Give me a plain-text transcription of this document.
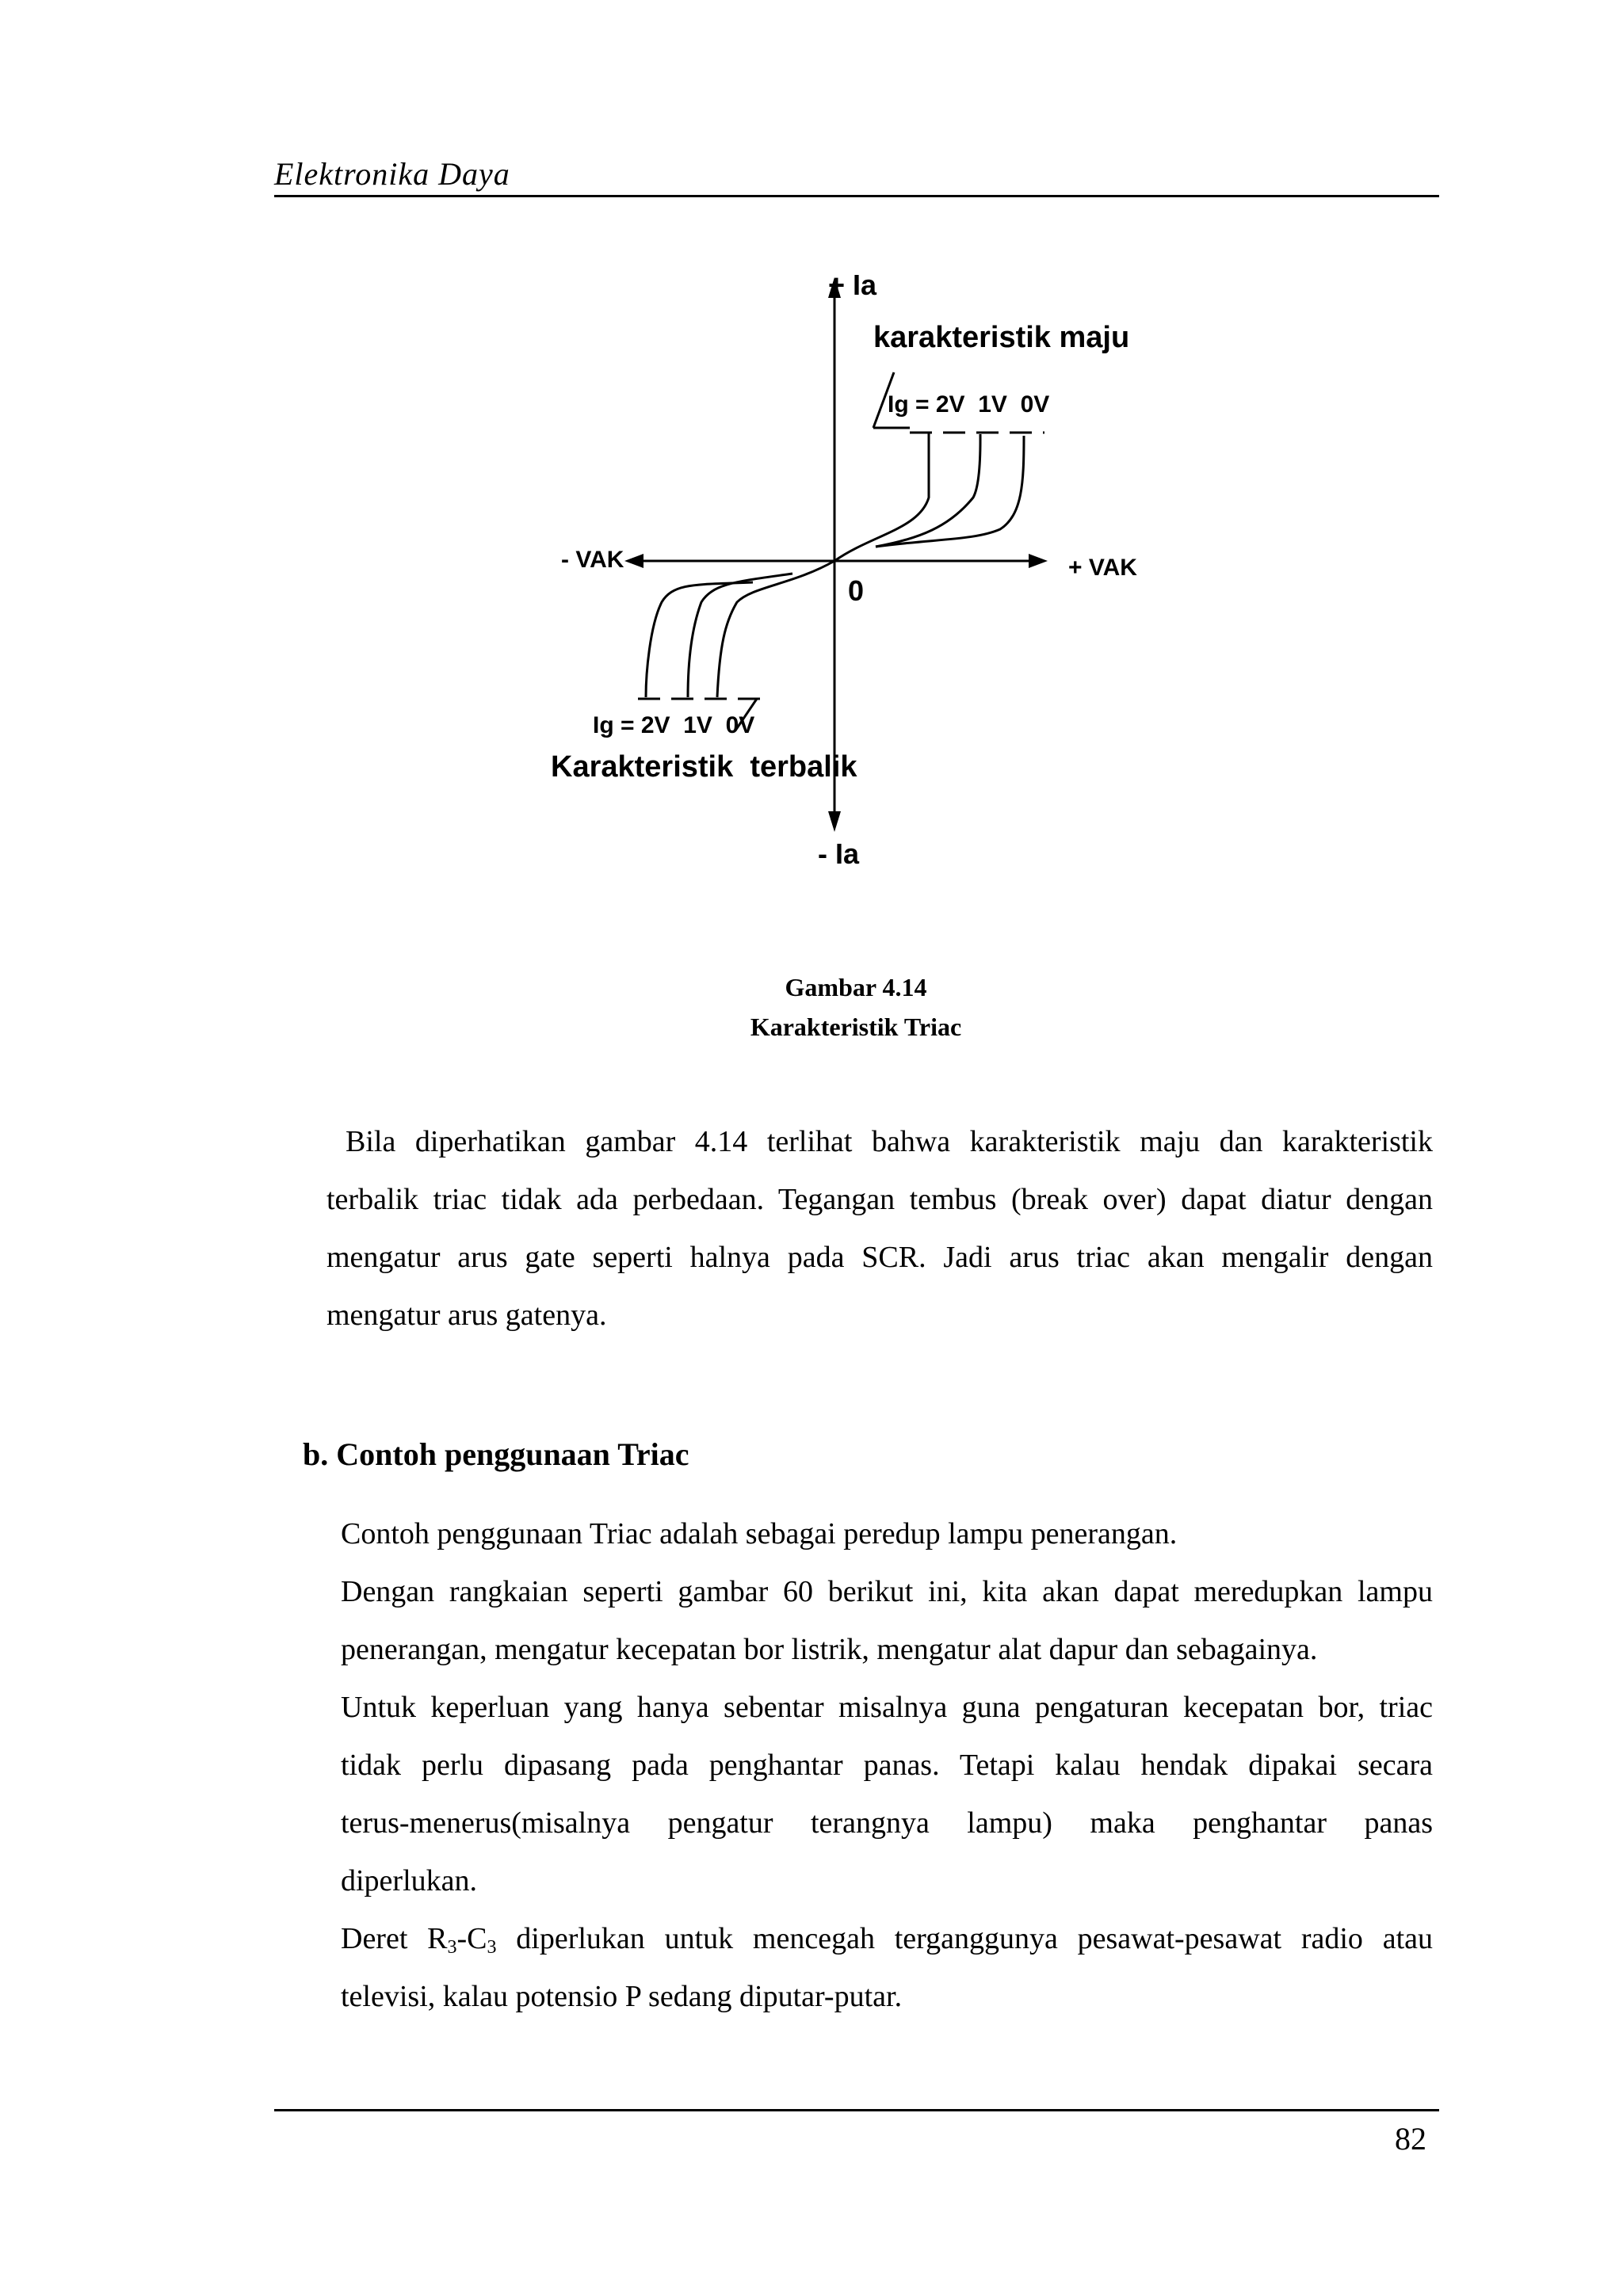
Elektronika Daya
+ Ia
karakteristik maju
Ig = 2V  1V  0V
- VAK	+ VAK
0
Ig = 2V  1V  0V
Karakteristik  terbalik
- Ia
Gambar 4.14
Karakteristik Triac

Bila diperhatikan gambar 4.14 terlihat bahwa karakteristik maju dan karakteristik

terbalik triac tidak ada perbedaan. Tegangan tembus (break over) dapat diatur dengan

mengatur arus gate seperti halnya pada SCR. Jadi arus triac akan mengalir dengan

mengatur arus gatenya.

b. Contoh penggunaan Triac

Contoh penggunaan Triac adalah sebagai peredup lampu penerangan.

Dengan rangkaian seperti gambar 60 berikut ini, kita akan dapat meredupkan lampu

penerangan, mengatur kecepatan bor listrik, mengatur alat dapur dan sebagainya.

Untuk keperluan yang hanya sebentar misalnya guna pengaturan kecepatan bor, triac

tidak perlu dipasang pada penghantar panas. Tetapi kalau hendak dipakai secara

terus-menerus(misalnya pengatur terangnya lampu) maka penghantar panas

diperlukan.

Deret $R_3-C_3$ diperlukan untuk mencegah terganggunya pesawat-pesawat radio atau

televisi, kalau potensio P sedang diputar-putar.

82
